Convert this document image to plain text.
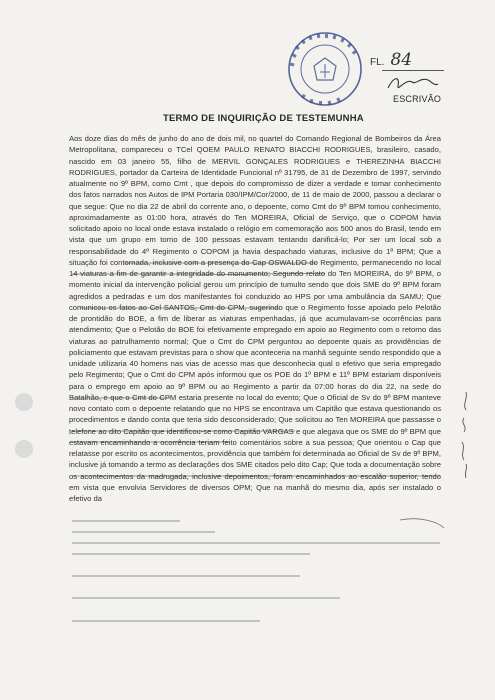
FL. 84
ESCRIVÃO
TERMO DE INQUIRIÇÃO DE TESTEMUNHA
Aos doze dias do mês de junho do ano de dois mil, no quartel do Comando Regional de Bombeiros da Área Metropolitana, compareceu o TCel QOEM PAULO RENATO BIACCHI RODRIGUES, brasileiro, casado, nascido em 03 janeiro 55, filho de MERVIL GONÇALES RODRIGUES e THEREZINHA BIACCHI RODRIGUES, portador da Carteira de Identidade Funcional nº 31795, de 31 de Dezembro de 1997, servindo atualmente no 9º BPM, como Cmt , que depois do compromisso de dizer a verdade e tomar conhecimento dos fatos narrados nos Autos de IPM Portaria 030/IPM/Cor/2000, de 11 de maio de 2000, passou a declarar o que segue: Que no dia 22 de abril do corrente ano, o depoente, como Cmt do 9º BPM tomou conhecimento, aproximadamente as 01:00 hora, através do Ten MOREIRA, Oficial de Serviço, que o COPOM havia solicitado apoio no local onde estava instalado o relógio em comemoração aos 500 anos do Brasil, tendo em vista que um grupo em torno de 100 pessoas estavam tentando danificá-lo; Por ser um local sob a responsabilidade do 4º Regimento o COPOM ja havia despachado viaturas, inclusive do 1º BPM; Que a situação foi contornada, inclusive com a presença do Cap OSWALDO do Regimento, permanecendo no local 14 viaturas a fim de garantir a integridade do monumento; Segundo relato do Ten MOREIRA, do 9º BPM, o momento inicial da intervenção policial gerou um princípio de tumulto sendo que dois SME do 9º BPM foram agredidos a pedradas e um dos manifestantes foi conduzido ao HPS por uma ambulância da SAMU; Que comunicou os fatos ao Cel SANTOS, Cmt do CPM, sugerindo que o Regimento fosse apoiado pelo Pelotão de prontidão do BOE, a fim de liberar as viaturas empenhadas, já que acumulavam-se ocorrências para atendimento; Que o Pelotão do BOE foi efetivamente empregado em apoio ao Regimento com o retorno das viaturas ao patrulhamento normal; Que o Cmt do CPM perguntou ao depoente quais as providências de policiamento que estavam previstas para o show que aconteceria na manhã seguinte sendo respondido que a unidade utilizaria 40 homens nas vias de acesso mas que desconhecia qual o efetivo que seria empregado pelo Regimento; Que o Cmt do CPM após informou que os POE do 1º BPM e 11º BPM estariam disponíveis para o emprego em apoio ao 9º BPM ou ao Regimento a partir da 07:00 horas do dia 22, na sede do Batalhão, e que o Cmt do CPM estaria presente no local do evento; Que o Oficial de Sv do 9º BPM manteve novo contato com o depoente relatando que no HPS se encontrava um Capitão que estava questionando os procedimentos e dando conta que teria sido desconsiderado; Que solicitou ao Ten MOREIRA que passasse o telefone ao dito Capitão que identificou-se como Capitão VARGAS e que alegava que os SME do 9º BPM que estavam encaminhando a ocorrência teriam feito comentários sobre a sua pessoa; Que orientou o Cap que relatasse por escrito os acontecimentos, providência que também foi determinada ao Oficial de Sv de 9º BPM, inclusive já tomando a termo as declarações dos SME citados pelo dito Cap; Que toda a documentação sobre os acontecimentos da madrugada, inclusive depoimentos, foram encaminhados ao escalão superior, tendo em vista que envolvia Servidores de diversos OPM; Que na manhã do mesmo dia, após ser instalado o efetivo da
